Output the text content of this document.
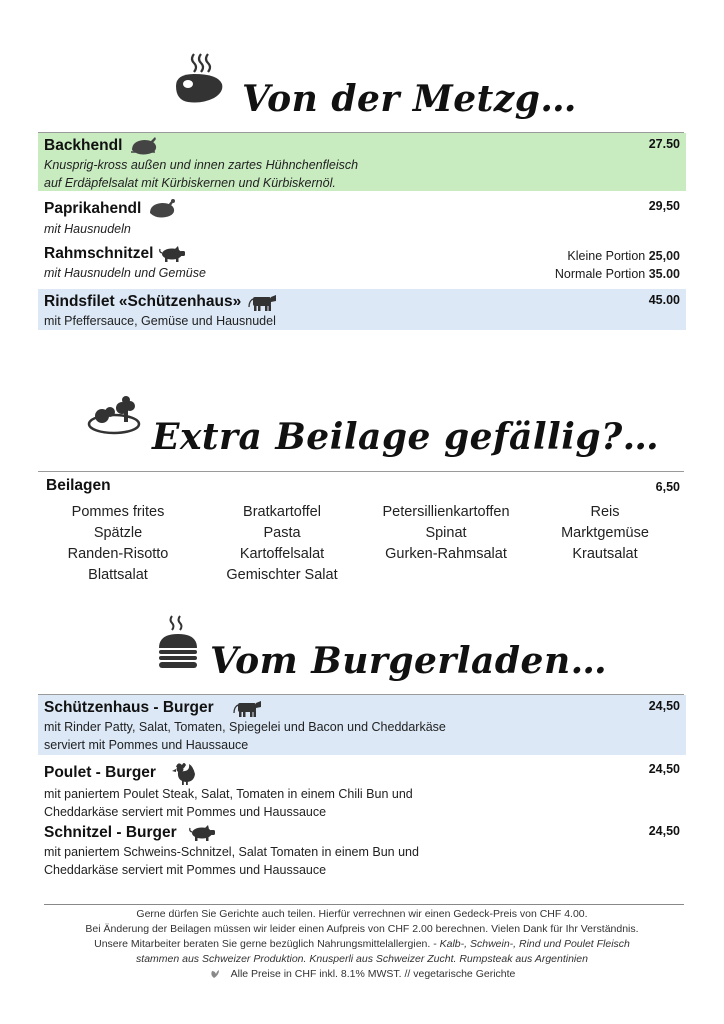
Von der Metzg…
Backhendl
Knusprig-kross außen und innen zartes Hühnchenfleisch
auf Erdäpfelsalat mit Kürbiskernen und Kürbiskernöl.
27.50
Paprikahendl
mit Hausnudeln
29,50
Rahmschnitzel
mit Hausnudeln und Gemüse
Kleine Portion 25,00
Normale Portion 35.00
Rindsfilet «Schützenhaus»
mit Pfeffersauce, Gemüse und Hausnudel
45.00
Extra Beilage gefällig?…
Beilagen	6,50
Pommes frites	Bratkartoffel	Petersillienkartoffen	Reis
Spätzle	Pasta	Spinat	Marktgemüse
Randen-Risotto	Kartoffelsalat	Gurken-Rahmsalat	Krautsalat
Blattsalat	Gemischter Salat
Vom Burgerladen…
Schützenhaus - Burger
mit Rinder Patty, Salat, Tomaten, Spiegelei und Bacon und Cheddarkäse
serviert mit Pommes und Haussauce
24,50
Poulet - Burger
mit paniertem Poulet Steak, Salat, Tomaten in einem Chili Bun und
Cheddarkäse serviert mit Pommes und Haussauce
24,50
Schnitzel - Burger
mit paniertem Schweins-Schnitzel, Salat Tomaten in einem Bun und
Cheddarkäse serviert mit Pommes und Haussauce
24,50
Gerne dürfen Sie Gerichte auch teilen. Hierfür verrechnen wir einen Gedeck-Preis von CHF 4.00.
Bei Änderung der Beilagen müssen wir leider einen Aufpreis von CHF 2.00 berechnen. Vielen Dank für Ihr Verständnis.
Unsere Mitarbeiter beraten Sie gerne bezüglich Nahrungsmittelallergien. - Kalb-, Schwein-, Rind und Poulet Fleisch
stammen aus Schweizer Produktion. Knusperli aus Schweizer Zucht. Rumpsteak aus Argentinien
Alle Preise in CHF inkl. 8.1% MWST. // vegetarische Gerichte
